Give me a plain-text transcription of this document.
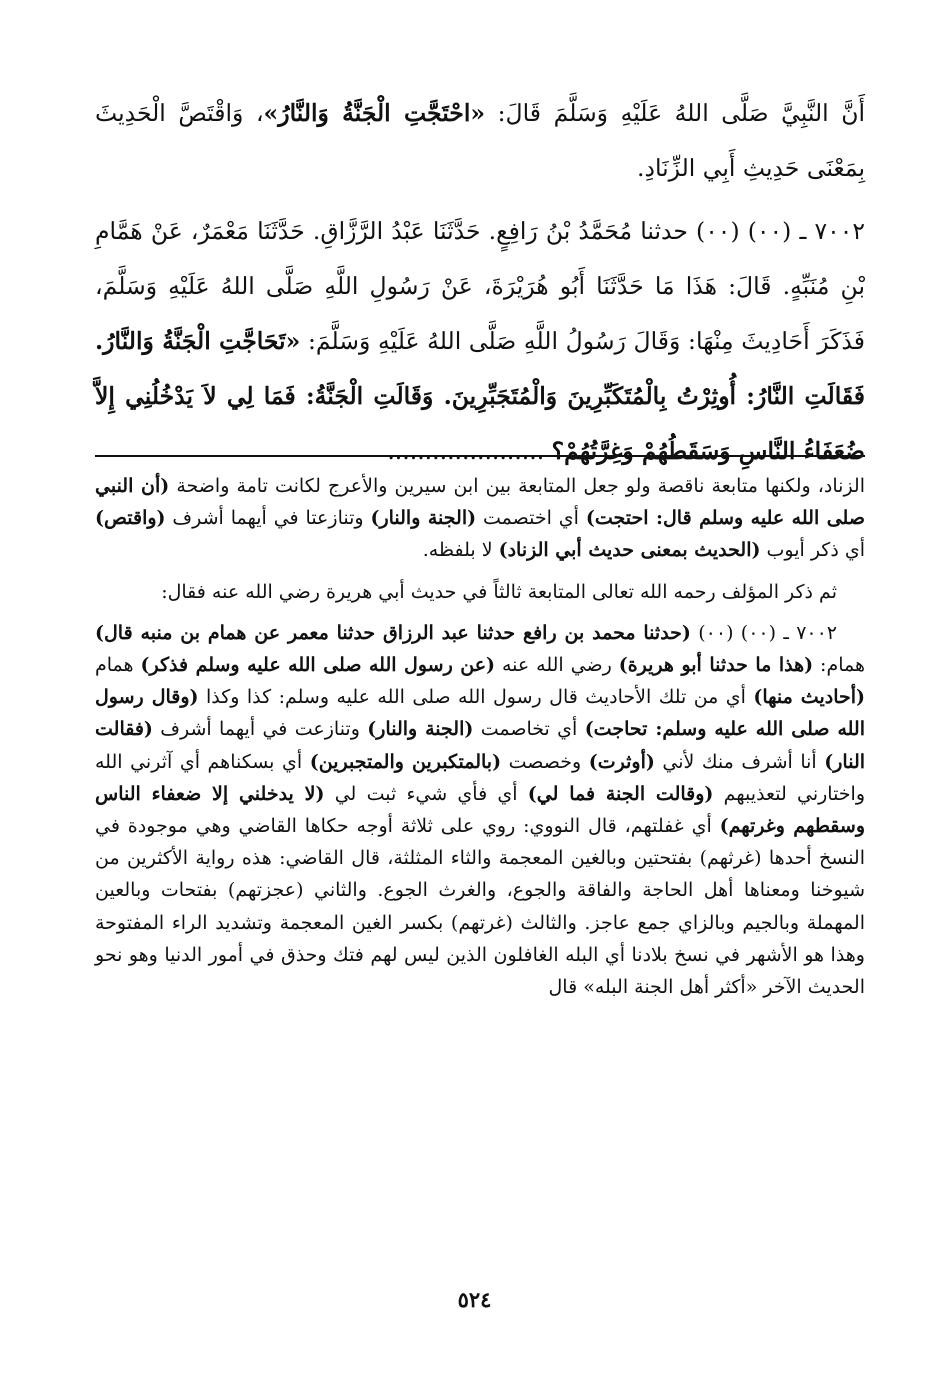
أَنَّ النَّبِيَّ صَلَّى اللهُ عَلَيْهِ وَسَلَّمَ قَالَ: «احْتَجَّتِ الْجَنَّةُ وَالنَّارُ»، وَاقْتَصَّ الْحَدِيثَ بِمَعْنَى حَدِيثِ أَبِي الزِّنَادِ.

٧٠٠٢ ـ (٠٠) (٠٠) حدثنا مُحَمَّدُ بْنُ رَافِعٍ. حَدَّثَنَا عَبْدُ الرَّزَّاقِ. حَدَّثَنَا مَعْمَرٌ، عَنْ هَمَّامِ بْنِ مُنَبِّهٍ. قَالَ: هَذَا مَا حَدَّثَنَا أَبُو هُرَيْرَةَ، عَنْ رَسُولِ اللَّهِ صَلَّى اللهُ عَلَيْهِ وَسَلَّمَ، فَذَكَرَ أَحَادِيثَ مِنْهَا: وَقَالَ رَسُولُ اللَّهِ صَلَّى اللهُ عَلَيْهِ وَسَلَّمَ: «تَحَاجَّتِ الْجَنَّةُ وَالنَّارُ. فَقَالَتِ النَّارُ: أُوثِرْتُ بِالْمُتَكَبِّرِينَ وَالْمُتَجَبِّرِينَ. وَقَالَتِ الْجَنَّةُ: فَمَا لِي لاَ يَدْخُلُنِي إِلاَّ ضُعَفَاءُ النَّاسِ وَسَقَطُهُمْ وَغِرَّتُهُمْ؟ .....................

الزناد، ولكنها متابعة ناقصة ولو جعل المتابعة بين ابن سيرين والأعرج لكانت تامة واضحة (أن النبي صلى الله عليه وسلم قال: احتجت) أي اختصمت (الجنة والنار) وتنازعتا في أيهما أشرف (واقتص) أي ذكر أيوب (الحديث بمعنى حديث أبي الزناد) لا بلفظه.

ثم ذكر المؤلف رحمه الله تعالى المتابعة ثالثاً في حديث أبي هريرة رضي الله عنه فقال:

٧٠٠٢ ـ (٠٠) (٠٠) (حدثنا محمد بن رافع حدثنا عبد الرزاق حدثنا معمر عن همام بن منبه قال) همام: (هذا ما حدثنا أبو هريرة) رضي الله عنه (عن رسول الله صلى الله عليه وسلم فذكر) همام (أحاديث منها) أي من تلك الأحاديث قال رسول الله صلى الله عليه وسلم: كذا وكذا (وقال رسول الله صلى الله عليه وسلم: تحاجت) أي تخاصمت (الجنة والنار) وتنازعت في أيهما أشرف (فقالت النار) أنا أشرف منك لأني (أوثرت) وخصصت (بالمتكبرين والمتجبرين) أي بسكناهم أي آثرني الله واختارني لتعذيبهم (وقالت الجنة فما لي) أي فأي شيء ثبت لي (لا يدخلني إلا ضعفاء الناس وسقطهم وغرتهم) أي غفلتهم، قال النووي: روي على ثلاثة أوجه حكاها القاضي وهي موجودة في النسخ أحدها (غرثهم) بفتحتين وبالغين المعجمة والثاء المثلثة، قال القاضي: هذه رواية الأكثرين من شيوخنا ومعناها أهل الحاجة والفاقة والجوع، والغرث الجوع. والثاني (عجزتهم) بفتحات وبالعين المهملة وبالجيم وبالزاي جمع عاجز. والثالث (غرتهم) بكسر الغين المعجمة وتشديد الراء المفتوحة وهذا هو الأشهر في نسخ بلادنا أي البله الغافلون الذين ليس لهم فتك وحذق في أمور الدنيا وهو نحو الحديث الآخر «أكثر أهل الجنة البله» قال

٥٢٤
